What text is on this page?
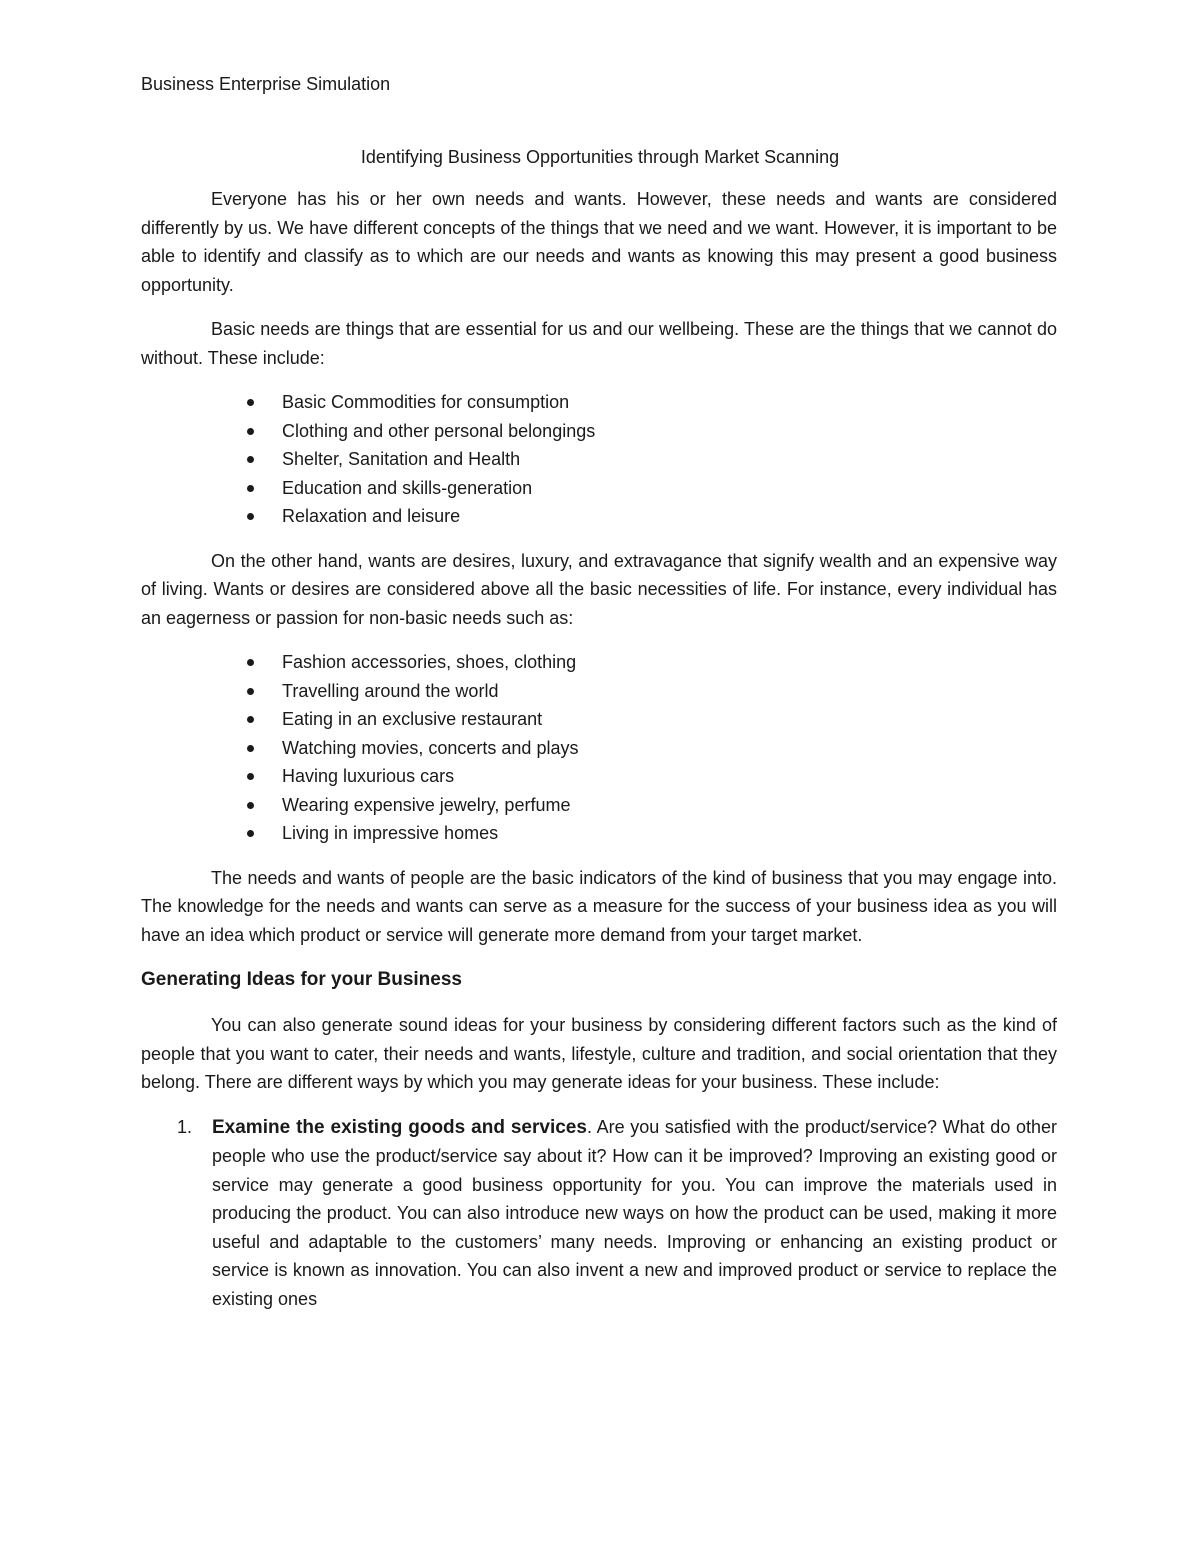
Business Enterprise Simulation
Identifying Business Opportunities through Market Scanning

Everyone has his or her own needs and wants. However, these needs and wants are considered differently by us. We have different concepts of the things that we need and we want. However, it is important to be able to identify and classify as to which are our needs and wants as knowing this may present a good business opportunity.

Basic needs are things that are essential for us and our wellbeing. These are the things that we cannot do without. These include:

Basic Commodities for consumption
Clothing and other personal belongings
Shelter, Sanitation and Health
Education and skills-generation
Relaxation and leisure

On the other hand, wants are desires, luxury, and extravagance that signify wealth and an expensive way of living. Wants or desires are considered above all the basic necessities of life. For instance, every individual has an eagerness or passion for non-basic needs such as:

Fashion accessories, shoes, clothing
Travelling around the world
Eating in an exclusive restaurant
Watching movies, concerts and plays
Having luxurious cars
Wearing expensive jewelry, perfume
Living in impressive homes

The needs and wants of people are the basic indicators of the kind of business that you may engage into. The knowledge for the needs and wants can serve as a measure for the success of your business idea as you will have an idea which product or service will generate more demand from your target market.

Generating Ideas for your Business

You can also generate sound ideas for your business by considering different factors such as the kind of people that you want to cater, their needs and wants, lifestyle, culture and tradition, and social orientation that they belong. There are different ways by which you may generate ideas for your business. These include:

1. Examine the existing goods and services. Are you satisfied with the product/service? What do other people who use the product/service say about it? How can it be improved? Improving an existing good or service may generate a good business opportunity for you. You can improve the materials used in producing the product. You can also introduce new ways on how the product can be used, making it more useful and adaptable to the customers’ many needs. Improving or enhancing an existing product or service is known as innovation. You can also invent a new and improved product or service to replace the existing ones
